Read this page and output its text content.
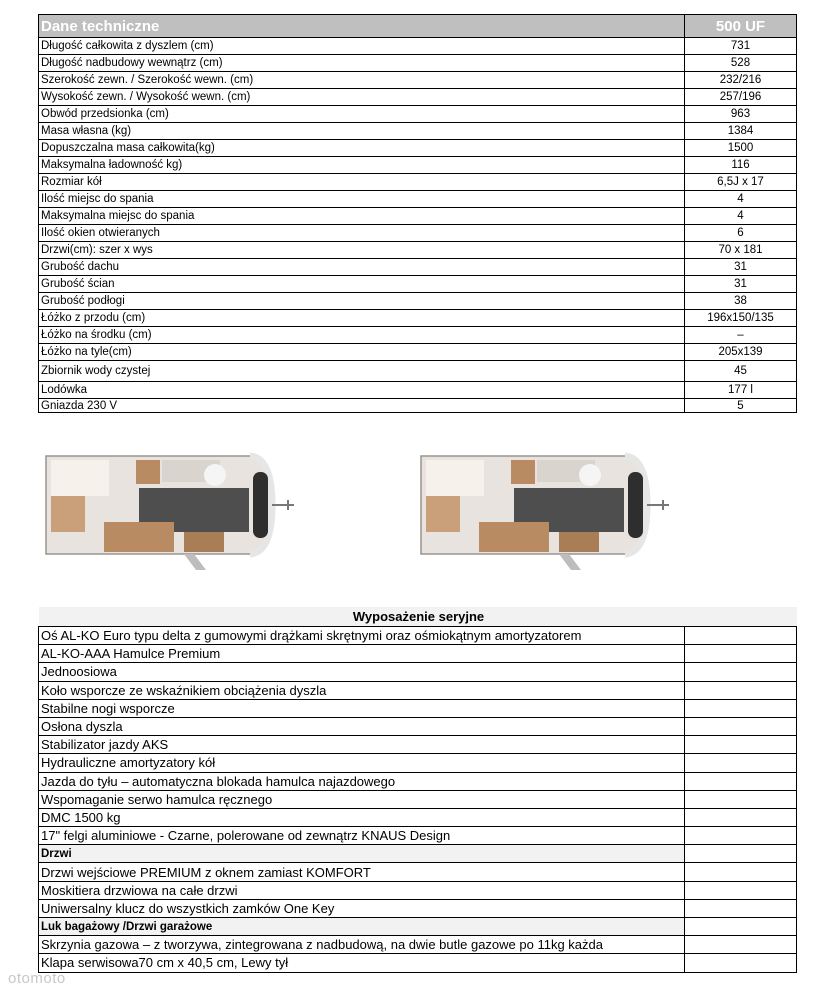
Dane techniczne	500 UF
Długość całkowita z dyszlem (cm)	731
Długość nadbudowy wewnątrz (cm)	528
Szerokość zewn. / Szerokość wewn. (cm)	232/216
Wysokość zewn. / Wysokość wewn. (cm)	257/196
Obwód przedsionka (cm)	963
Masa własna (kg)	1384
Dopuszczalna masa całkowita(kg)	1500
Maksymalna ładowność kg)	116
Rozmiar kół	6,5J x 17
Ilość miejsc do spania	4
Maksymalna miejsc do spania	4
Ilość okien otwieranych	6
Drzwi(cm): szer x wys	70 x 181
Grubość dachu	31
Grubość ścian	31
Grubość podłogi	38
Łóżko z przodu (cm)	196x150/135
Łóżko na środku (cm)	–
Łóżko na tyle(cm)	205x139
Zbiornik wody czystej	45
Lodówka	177 l
Gniazda 230 V	5
Wyposażenie seryjne	
Oś AL-KO Euro typu delta z gumowymi drążkami skrętnymi oraz ośmiokątnym amortyzatorem	
AL-KO-AAA Hamulce Premium	
Jednoosiowa	
Koło wsporcze ze wskaźnikiem obciążenia dyszla	
Stabilne nogi wsporcze	
Osłona dyszla	
Stabilizator jazdy AKS	
Hydrauliczne amortyzatory kół	
Jazda do tyłu – automatyczna blokada hamulca najazdowego	
Wspomaganie serwo hamulca ręcznego	
DMC 1500 kg	
17" felgi aluminiowe - Czarne, polerowane od zewnątrz KNAUS Design	
Drzwi	
Drzwi wejściowe PREMIUM z oknem zamiast KOMFORT	
Moskitiera drzwiowa na całe drzwi	
Uniwersalny klucz do wszystkich zamków One Key	
Luk bagażowy /Drzwi garażowe	
Skrzynia gazowa – z tworzywa, zintegrowana z nadbudową, na dwie butle gazowe po 11kg każda	
Klapa serwisowa70 cm x 40,5 cm, Lewy tył	
otomoto
